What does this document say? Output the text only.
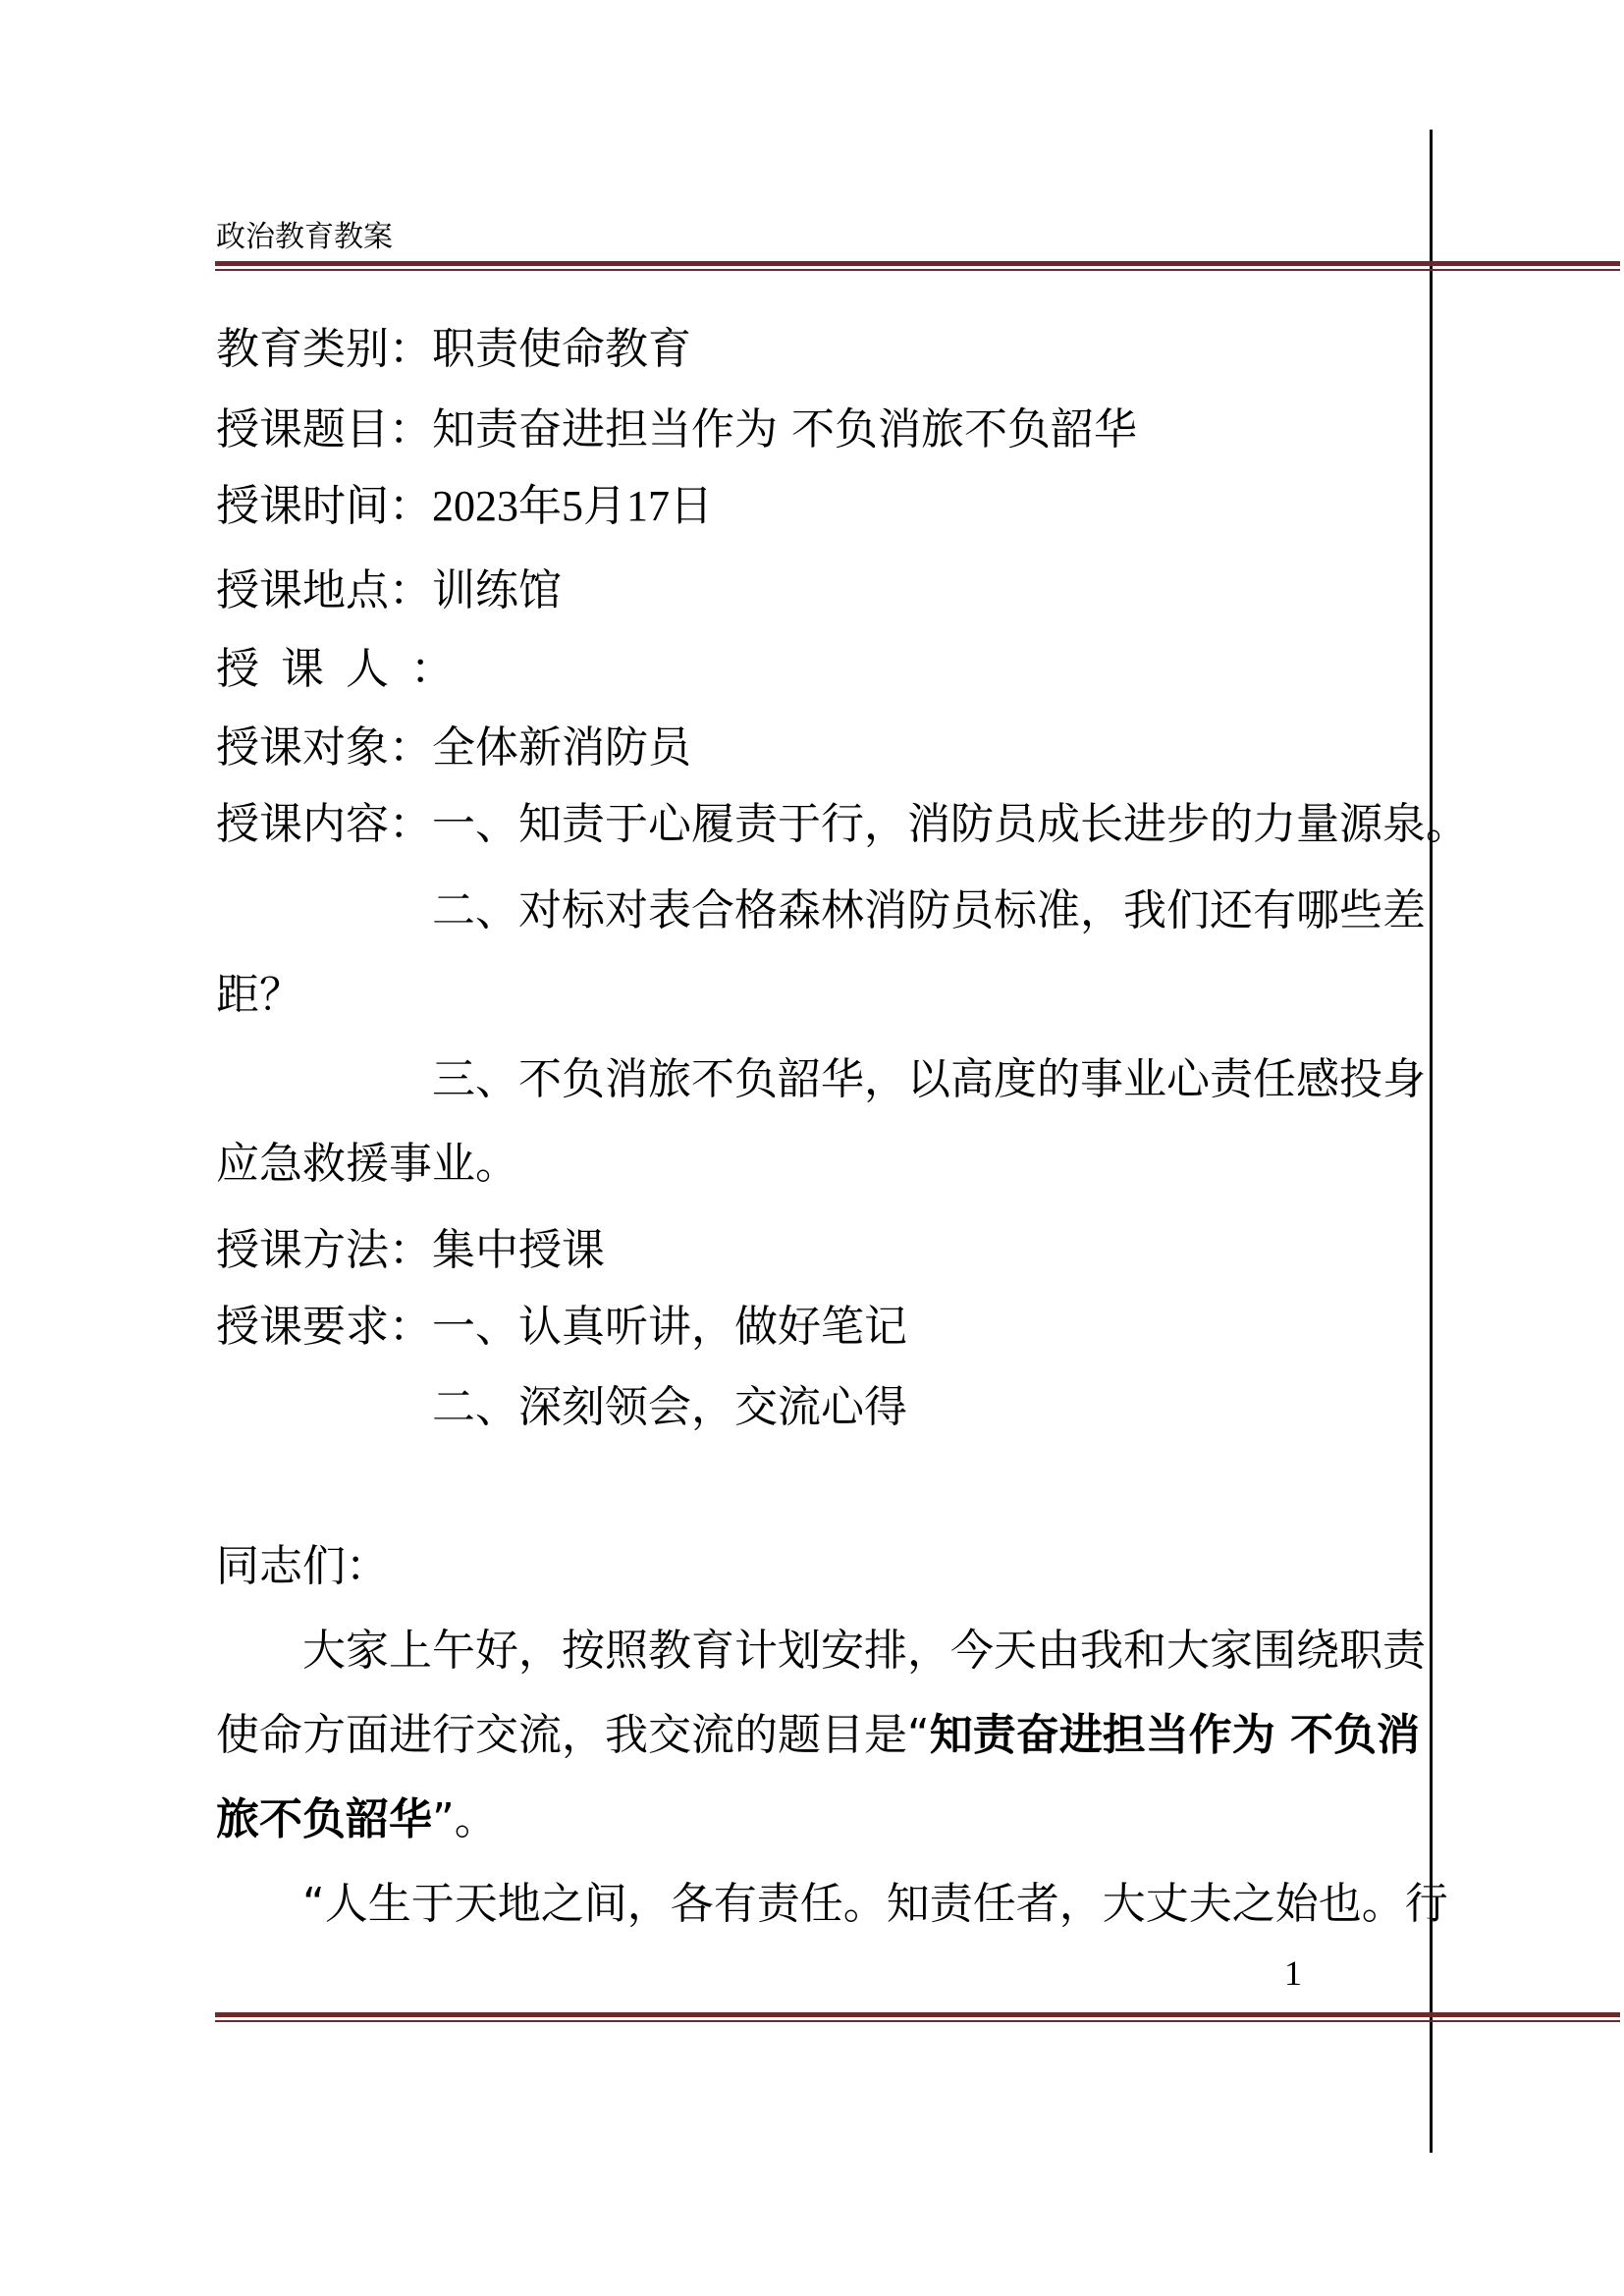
政治教育教案
教育类别：职责使命教育
授课题目：知责奋进担当作为 不负消旅不负韶华
授课时间：2023年5月17日
授课地点：训练馆
授课人：
授课对象：全体新消防员
授课内容：一、知责于心履责于行，消防员成长进步的力量源泉。
二、对标对表合格森林消防员标准，我们还有哪些差
距？
三、不负消旅不负韶华，以高度的事业心责任感投身
应急救援事业。
授课方法：集中授课
授课要求：一、认真听讲，做好笔记
二、深刻领会，交流心得
同志们：
大家上午好，按照教育计划安排，今天由我和大家围绕职责
使命方面进行交流，我交流的题目是“知责奋进担当作为 不负消
旅不负韶华”。
“人生于天地之间，各有责任。知责任者，大丈夫之始也。行
1
